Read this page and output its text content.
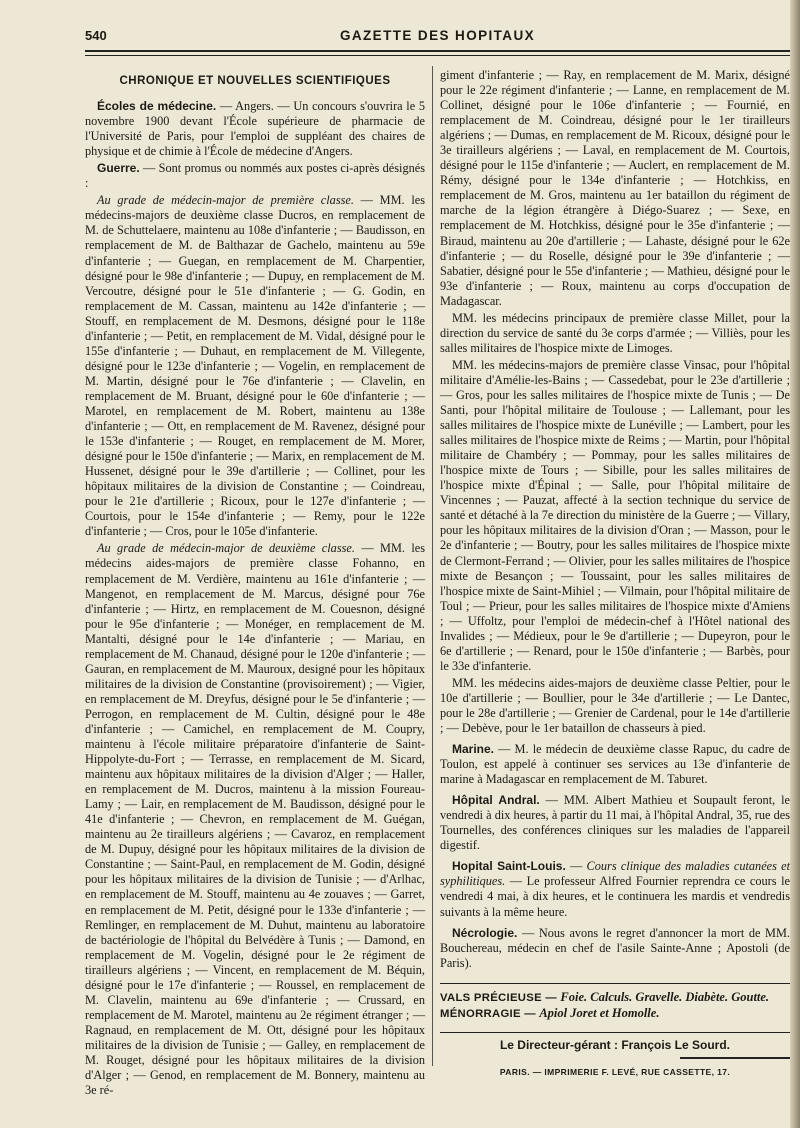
540	GAZETTE DES HOPITAUX
CHRONIQUE ET NOUVELLES SCIENTIFIQUES

Écoles de médecine. — Angers. — Un concours s'ouvrira le 5 novembre 1900 devant l'École supérieure de pharmacie de l'Université de Paris, pour l'emploi de suppléant des chaires de physique et de chimie à l'École de médecine d'Angers.

Guerre. — Sont promus ou nommés aux postes ci-après désignés :

Au grade de médecin-major de première classe. — MM. les médecins-majors de deuxième classe Ducros, en remplacement de M. de Schuttelaere, maintenu au 108e d'infanterie ; — Baudisson, en remplacement de M. de Balthazar de Gachelo, maintenu au 59e d'infanterie ; — Guegan, en remplacement de M. Charpentier, désigné pour le 98e d'infanterie ; — Dupuy, en remplacement de M. Vercoutre, désigné pour le 51e d'infanterie ; — G. Godin, en remplacement de M. Cassan, maintenu au 142e d'infanterie ; — Stouff, en remplacement de M. Desmons, désigné pour le 118e d'infanterie ; — Petit, en remplacement de M. Vidal, désigné pour le 155e d'infanterie ; — Duhaut, en remplacement de M. Villegente, désigné pour le 123e d'infanterie ; — Vogelin, en remplacement de M. Martin, désigné pour le 76e d'infanterie ; — Clavelin, en remplacement de M. Bruant, désigné pour le 60e d'infanterie ; — Marotel, en remplacement de M. Robert, maintenu au 138e d'infanterie ; — Ott, en remplacement de M. Ravenez, désigné pour le 153e d'infanterie ; — Rouget, en remplacement de M. Morer, désigné pour le 150e d'infanterie ; — Marix, en remplacement de M. Hussenet, désigné pour le 39e d'artillerie ; — Collinet, pour les hôpitaux militaires de la division de Constantine ; — Coindreau, pour le 21e d'artillerie ; Ricoux, pour le 127e d'infanterie ; — Courtois, pour le 154e d'infanterie ; — Remy, pour le 122e d'infanterie ; — Cros, pour le 105e d'infanterie.

Au grade de médecin-major de deuxième classe. — MM. les médecins aides-majors de première classe Fohanno, en remplacement de M. Verdière, maintenu au 161e d'infanterie ; — Mangenot, en remplacement de M. Marcus, désigné pour 76e d'infanterie ; — Hirtz, en remplacement de M. Couesnon, désigné pour le 95e d'infanterie ; — Monéger, en remplacement de M. Mantalti, désigné pour le 14e d'infanterie ; — Mariau, en remplacement de M. Chanaud, désigné pour le 120e d'infanterie ; — Gauran, en remplacement de M. Mauroux, designé pour les hôpitaux militaires de la division de Constantine (provisoirement) ; — Vigier, en remplacement de M. Dreyfus, désigné pour le 5e d'infanterie ; — Perrogon, en remplacement de M. Cultin, désigné pour le 48e d'infanterie ; — Camichel, en remplacement de M. Coupry, maintenu à l'école militaire préparatoire d'infanterie de Saint-Hippolyte-du-Fort ; — Terrasse, en remplacement de M. Sicard, maintenu aux hôpitaux militaires de la division d'Alger ; — Haller, en remplacement de M. Ducros, maintenu à la mission Foureau-Lamy ; — Lair, en remplacement de M. Baudisson, désigné pour le 41e d'infanterie ; — Chevron, en remplacement de M. Guégan, maintenu au 2e tirailleurs algériens ; — Cavaroz, en remplacement de M. Dupuy, désigné pour les hôpitaux militaires de la division de Constantine ; — Saint-Paul, en remplacement de M. Godin, désigné pour les hôpitaux militaires de la division de Tunisie ; — d'Arlhac, en remplacement de M. Stouff, maintenu au 4e zouaves ; — Garret, en remplacement de M. Petit, désigné pour le 133e d'infanterie ; — Remlinger, en remplacement de M. Duhut, maintenu au laboratoire de bactériologie de l'hôpital du Belvédère à Tunis ; — Damond, en remplacement de M. Vogelin, désigné pour le 2e régiment de tirailleurs algériens ; — Vincent, en remplacement de M. Béquin, désigné pour le 17e d'infanterie ; — Roussel, en remplacement de M. Clavelin, maintenu au 69e d'infanterie ; — Crussard, en remplacement de M. Marotel, maintenu au 2e régiment étranger ; — Ragnaud, en remplacement de M. Ott, désigné pour les hôpitaux militaires de la division de Tunisie ; — Galley, en remplacement de M. Rouget, désigné pour les hôpitaux militaires de la division d'Alger ; — Genod, en remplacement de M. Bonnery, maintenu au 3e ré-

giment d'infanterie ; — Ray, en remplacement de M. Marix, désigné pour le 22e régiment d'infanterie ; — Lanne, en remplacement de M. Collinet, désigné pour le 106e d'infanterie ; — Fournié, en remplacement de M. Coindreau, désigné pour le 1er tirailleurs algériens ; — Dumas, en remplacement de M. Ricoux, désigné pour le 3e tirailleurs algériens ; — Laval, en remplacement de M. Courtois, désigné pour le 115e d'infanterie ; — Auclert, en remplacement de M. Rémy, désigné pour le 134e d'infanterie ; — Hotchkiss, en remplacement de M. Gros, maintenu au 1er bataillon du régiment de marche de la légion étrangère à Diégo-Suarez ; — Sexe, en remplacement de M. Hotchkiss, désigné pour le 35e d'infanterie ; — Biraud, maintenu au 20e d'artillerie ; — Lahaste, désigné pour le 62e d'infanterie ; — du Roselle, désigné pour le 39e d'infanterie ; — Sabatier, désigné pour le 55e d'infanterie ; — Mathieu, désigné pour le 93e d'infanterie ; — Roux, maintenu au corps d'occupation de Madagascar.

MM. les médecins principaux de première classe Millet, pour la direction du service de santé du 3e corps d'armée ; — Villiès, pour les salles militaires de l'hospice mixte de Limoges.

MM. les médecins-majors de première classe Vinsac, pour l'hôpital militaire d'Amélie-les-Bains ; — Cassedebat, pour le 23e d'artillerie ; — Gros, pour les salles militaires de l'hospice mixte de Tunis ; — De Santi, pour l'hôpital militaire de Toulouse ; — Lallemant, pour les salles militaires de l'hospice mixte de Lunéville ; — Lambert, pour les salles militaires de l'hospice mixte de Reims ; — Martin, pour l'hôpital militaire de Chambéry ; — Pommay, pour les salles militaires de l'hospice mixte de Tours ; — Sibille, pour les salles militaires de l'hospice mixte d'Épinal ; — Salle, pour l'hôpital militaire de Vincennes ; — Pauzat, affecté à la section technique du service de santé et détaché à la 7e direction du ministère de la Guerre ; — Villary, pour les hôpitaux militaires de la division d'Oran ; — Masson, pour le 2e d'infanterie ; — Boutry, pour les salles militaires de l'hospice mixte de Clermont-Ferrand ; — Olivier, pour les salles militaires de l'hospice mixte de Besançon ; — Toussaint, pour les salles militaires de l'hospice mixte de Saint-Mihiel ; — Vilmain, pour l'hôpital militaire de Toul ; — Prieur, pour les salles militaires de l'hospice mixte d'Amiens ; — Uffoltz, pour l'emploi de médecin-chef à l'Hôtel national des Invalides ; — Médieux, pour le 9e d'artillerie ; — Dupeyron, pour le 6e d'artillerie ; — Renard, pour le 150e d'infanterie ; — Barbès, pour le 33e d'infanterie.

MM. les médecins aides-majors de deuxième classe Peltier, pour le 10e d'artillerie ; — Boullier, pour le 34e d'artillerie ; — Le Dantec, pour le 28e d'artillerie ; — Grenier de Cardenal, pour le 14e d'artillerie ; — Debève, pour le 1er bataillon de chasseurs à pied.

Marine. — M. le médecin de deuxième classe Rapuc, du cadre de Toulon, est appelé à continuer ses services au 13e d'infanterie de marine à Madagascar en remplacement de M. Taburet.

Hôpital Andral. — MM. Albert Mathieu et Soupault feront, le vendredi à dix heures, à partir du 11 mai, à l'hôpital Andral, 35, rue des Tournelles, des conférences cliniques sur les maladies de l'appareil digestif.

Hopital Saint-Louis. — Cours clinique des maladies cutanées et syphilitiques. — Le professeur Alfred Fournier reprendra ce cours le vendredi 4 mai, à dix heures, et le continuera les mardis et vendredis suivants à la même heure.

Nécrologie. — Nous avons le regret d'annoncer la mort de MM. Bouchereau, médecin en chef de l'asile Sainte-Anne ; Apostoli (de Paris).

VALS PRÉCIEUSE — Foie. Calculs. Gravelle. Diabète. Goutte.
MÉNORRAGIE — Apiol Joret et Homolle.
Le Directeur-gérant : François Le Sourd.
PARIS. — IMPRIMERIE F. LEVÉ, RUE CASSETTE, 17.
